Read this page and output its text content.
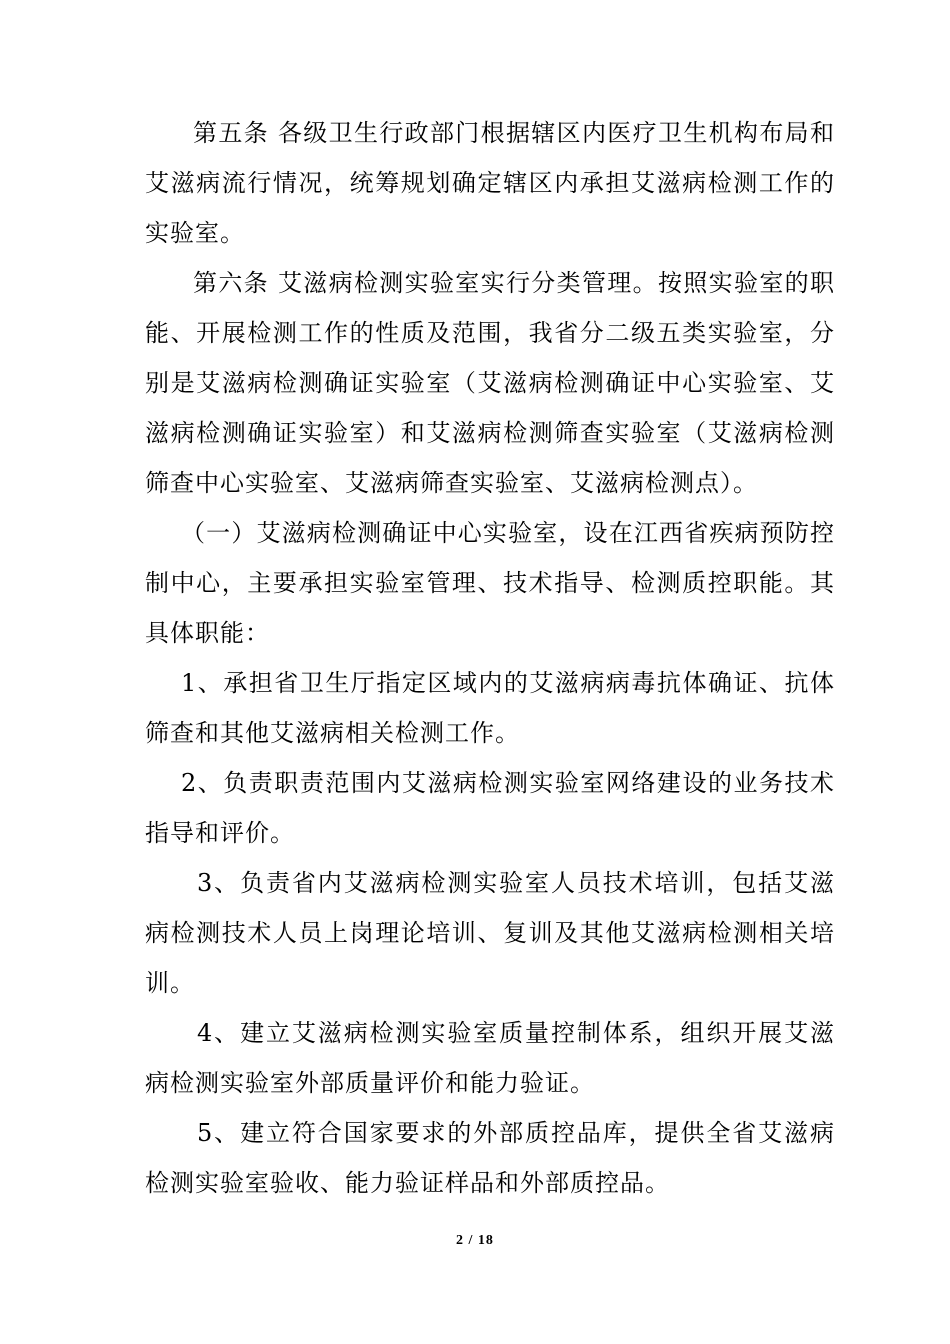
第五条 各级卫生行政部门根据辖区内医疗卫生机构布局和艾滋病流行情况，统筹规划确定辖区内承担艾滋病检测工作的实验室。

第六条 艾滋病检测实验室实行分类管理。按照实验室的职能、开展检测工作的性质及范围，我省分二级五类实验室，分别是艾滋病检测确证实验室（艾滋病检测确证中心实验室、艾滋病检测确证实验室）和艾滋病检测筛查实验室（艾滋病检测筛查中心实验室、艾滋病筛查实验室、艾滋病检测点）。

（一）艾滋病检测确证中心实验室，设在江西省疾病预防控制中心，主要承担实验室管理、技术指导、检测质控职能。其具体职能：

1、承担省卫生厅指定区域内的艾滋病病毒抗体确证、抗体筛查和其他艾滋病相关检测工作。

2、负责职责范围内艾滋病检测实验室网络建设的业务技术指导和评价。

3、负责省内艾滋病检测实验室人员技术培训，包括艾滋病检测技术人员上岗理论培训、复训及其他艾滋病检测相关培训。

4、建立艾滋病检测实验室质量控制体系，组织开展艾滋病检测实验室外部质量评价和能力验证。

5、建立符合国家要求的外部质控品库，提供全省艾滋病检测实验室验收、能力验证样品和外部质控品。

2 / 18
